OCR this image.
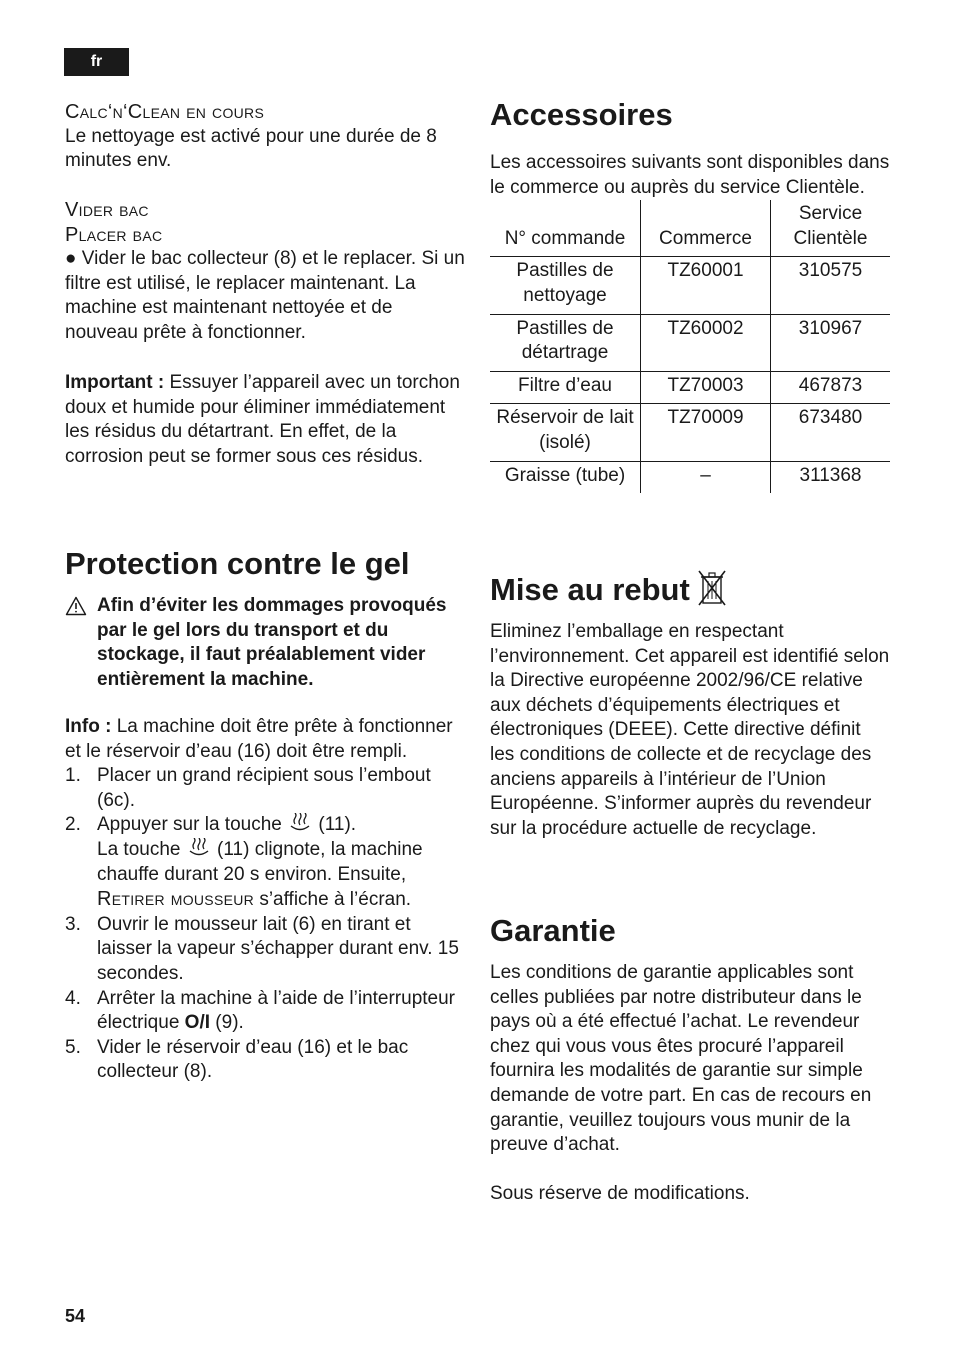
fr
Calc‘n‘Clean en cours

Le nettoyage est activé pour une durée de 8 minutes env.

Vider bac
Placer bac

● Vider le bac collecteur (8) et le replacer. Si un filtre est utilisé, le replacer maintenant. La machine est maintenant nettoyée et de nouveau prête à fonctionner.

Important : Essuyer l’appareil avec un torchon doux et humide pour éliminer immédiatement les résidus du détartrant. En effet, de la corrosion peut se former sous ces résidus.

Protection contre le gel
Afin d’éviter les dommages provoqués par le gel lors du transport et du stockage, il faut préalablement vider entièrement la machine.

Info : La machine doit être prête à fonctionner et le réservoir d’eau (16) doit être rempli.

1. Placer un grand récipient sous l’embout (6c).
2. Appuyer sur la touche (11).
La touche (11) clignote, la machine chauffe durant 20 s environ. Ensuite, Retirer mousseur s’affiche à l’écran.
3. Ouvrir le mousseur lait (6) en tirant et laisser la vapeur s’échapper durant env. 15 secondes.
4. Arrêter la machine à l’aide de l’interrupteur électrique O/I (9).
5. Vider le réservoir d’eau (16) et le bac collecteur (8).
Accessoires

Les accessoires suivants sont disponibles dans le commerce ou auprès du service Clientèle.

N° commande	Commerce	Service Clientèle
Pastilles de nettoyage	TZ60001	310575
Pastilles de détartrage	TZ60002	310967
Filtre d’eau	TZ70003	467873
Réservoir de lait (isolé)	TZ70009	673480
Graisse (tube)	–	311368
Mise au rebut

Eliminez l’emballage en respectant l’environnement. Cet appareil est identifié selon la Directive européenne 2002/96/CE relative aux déchets d’équipements électriques et électroniques (DEEE). Cette directive définit les conditions de collecte et de recyclage des anciens appareils à l’intérieur de l’Union Européenne. S’informer auprès du revendeur sur la procédure actuelle de recyclage.

Garantie

Les conditions de garantie applicables sont celles publiées par notre distributeur dans le pays où a été effectué l’achat. Le revendeur chez qui vous vous êtes procuré l’appareil fournira les modalités de garantie sur simple demande de votre part. En cas de recours en garantie, veuillez toujours vous munir de la preuve d’achat.

Sous réserve de modifications.

54
